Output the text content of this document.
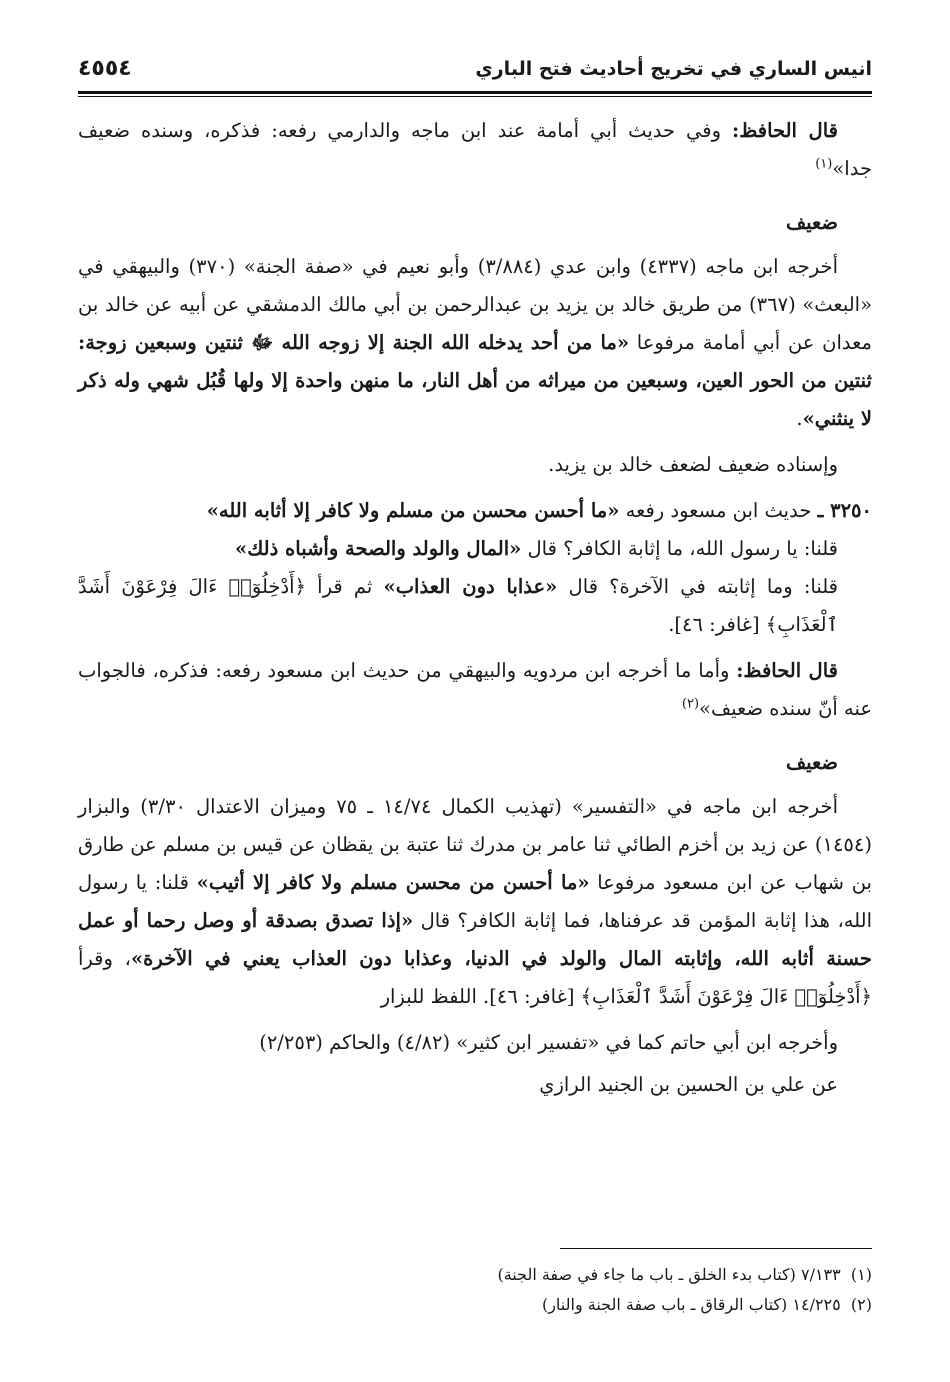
انيس الساري في تخريج أحاديث فتح الباري
٤٥٥٤

قال الحافظ: وفي حديث أبي أمامة عند ابن ماجه والدارمي رفعه: فذكره، وسنده ضعيف جدا»$^{(١)}$

ضعيف

أخرجه ابن ماجه (٤٣٣٧) وابن عدي (٣/٨٨٤) وأبو نعيم في «صفة الجنة» (٣٧٠) والبيهقي في «البعث» (٣٦٧) من طريق خالد بن يزيد بن عبدالرحمن بن أبي مالك الدمشقي عن أبيه عن خالد بن معدان عن أبي أمامة مرفوعا «ما من أحد يدخله الله الجنة إلا زوجه الله ﷻ ثنتين وسبعين زوجة: ثنتين من الحور العين، وسبعين من ميراثه من أهل النار، ما منهن واحدة إلا ولها قُبُل شهي وله ذكر لا ينثني».

وإسناده ضعيف لضعف خالد بن يزيد.

٣٢٥٠ ـ حديث ابن مسعود رفعه «ما أحسن محسن من مسلم ولا كافر إلا أثابه الله»

قلنا: يا رسول الله، ما إثابة الكافر؟ قال «المال والولد والصحة وأشباه ذلك»

قلنا: وما إثابته في الآخرة؟ قال «عذابا دون العذاب» ثم قرأ ﴿أَدْخِلُوٓا۟ ءَالَ فِرْعَوْنَ أَشَدَّ ٱلْعَذَابِ﴾ [غافر: ٤٦].

قال الحافظ: وأما ما أخرجه ابن مردويه والبيهقي من حديث ابن مسعود رفعه: فذكره، فالجواب عنه أنّ سنده ضعيف»$^{(٢)}$

ضعيف

أخرجه ابن ماجه في «التفسير» (تهذيب الكمال ١٤/٧٤ ـ ٧٥ وميزان الاعتدال ٣/٣٠) والبزار (١٤٥٤) عن زيد بن أخزم الطائي ثنا عامر بن مدرك ثنا عتبة بن يقظان عن قيس بن مسلم عن طارق بن شهاب عن ابن مسعود مرفوعا «ما أحسن من محسن مسلم ولا كافر إلا أثيب» قلنا: يا رسول الله، هذا إثابة المؤمن قد عرفناها، فما إثابة الكافر؟ قال «إذا تصدق بصدقة أو وصل رحما أو عمل حسنة أثابه الله، وإثابته المال والولد في الدنيا، وعذابا دون العذاب يعني في الآخرة»، وقرأ ﴿أَدْخِلُوٓا۟ ءَالَ فِرْعَوْنَ أَشَدَّ ٱلْعَذَابِ﴾ [غافر: ٤٦]. اللفظ للبزار

وأخرجه ابن أبي حاتم كما في «تفسير ابن كثير» (٤/٨٢) والحاكم (٢/٢٥٣)

عن علي بن الحسين بن الجنيد الرازي

(١)  ٧/١٣٣ (كتاب بدء الخلق ـ باب ما جاء في صفة الجنة)

(٢)  ١٤/٢٢٥ (كتاب الرقاق ـ باب صفة الجنة والنار)
